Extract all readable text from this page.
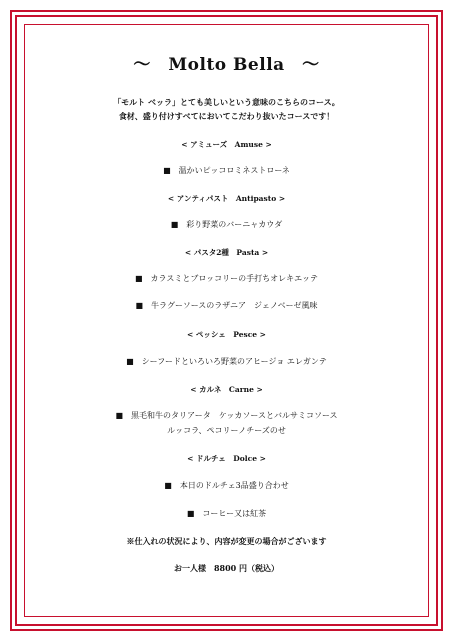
～　Molto Bella　～
「モルト ベッラ」とても美しいという意味のこちらのコース。
食材、盛り付けすべてにおいてこだわり抜いたコースです！
< アミューズ　Amuse >
■　温かいピッコロミネストローネ
< アンティパスト　Antipasto >
■　彩り野菜のバーニャカウダ
< パスタ2種　Pasta >
■　カラスミとブロッコリーの手打ちオレキエッテ
■　牛ラグーソースのラザニア　ジェノベーゼ風味
< ペッシェ　Pesce >
■　シーフードといろいろ野菜のアヒージョ エレガンテ
< カルネ　Carne >
■　黒毛和牛のタリアータ　ケッカソースとバルサミコソース
ルッコラ、ペコリーノチーズのせ
< ドルチェ　Dolce >
■　本日のドルチェ3品盛り合わせ
■　コーヒー又は紅茶
※仕入れの状況により、内容が変更の場合がございます
お一人様　8800 円（税込）
